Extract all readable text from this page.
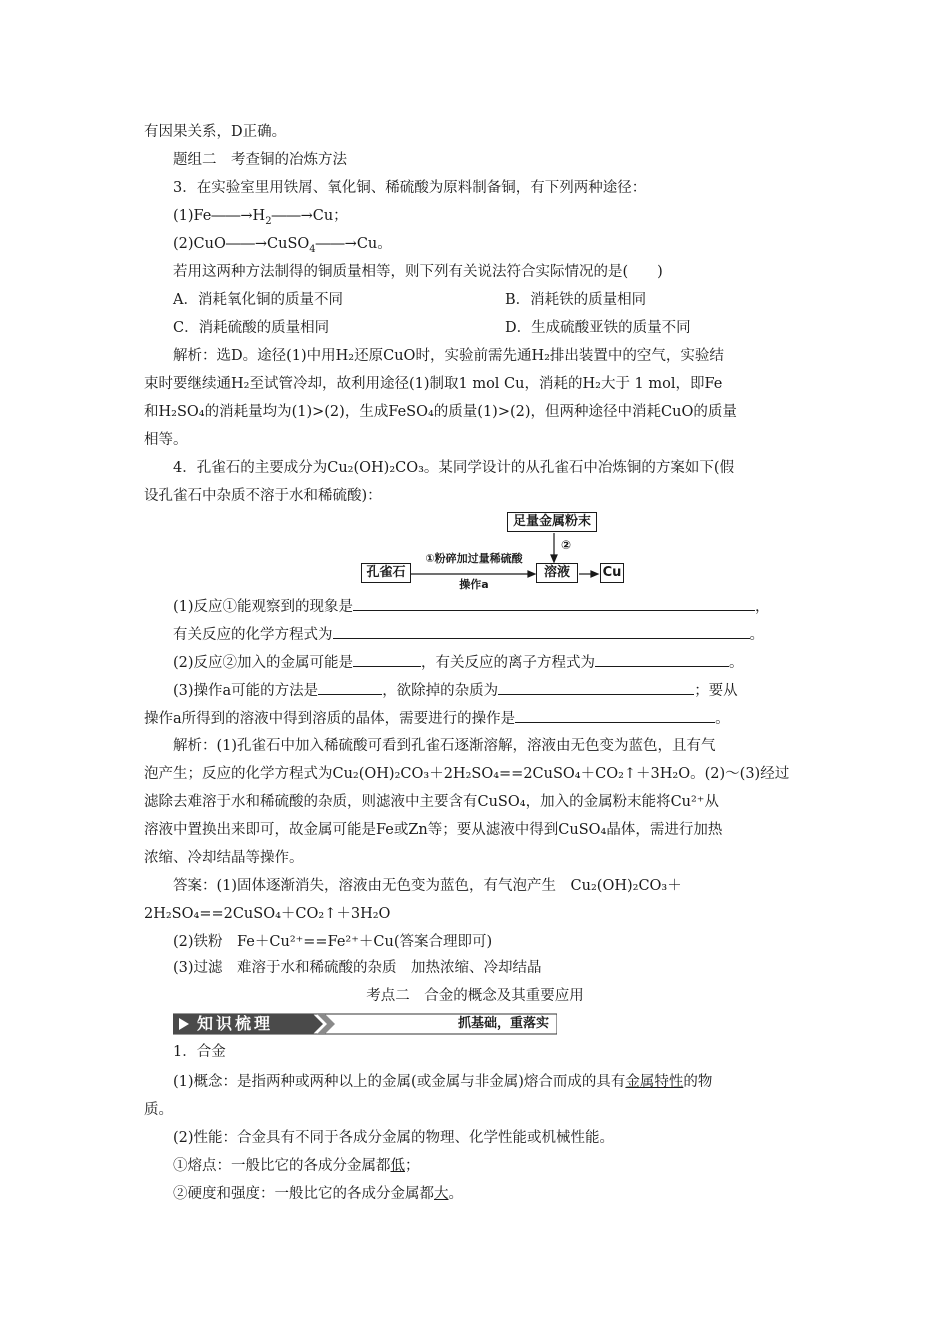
有因果关系，D正确。
题组二　考查铜的冶炼方法
3．在实验室里用铁屑、氧化铜、稀硫酸为原料制备铜，有下列两种途径：
$(1)Fe――\to H_2――\to Cu$；
(2)CuO――→CuSO$_4$――→Cu。
若用这两种方法制得的铜质量相等，则下列有关说法符合实际情况的是(　　)
A．消耗氧化铜的质量不同	B．消耗铁的质量相同
C．消耗硫酸的质量相同	D．生成硫酸亚铁的质量不同
解析：选D。途径(1)中用H₂还原CuO时，实验前需先通H₂排出装置中的空气，实验结
束时要继续通H₂至试管冷却，故利用途径(1)制取1 mol Cu，消耗的H₂大于 1 mol，即Fe
和H₂SO₄的消耗量均为(1)>(2)，生成FeSO₄的质量(1)>(2)，但两种途径中消耗CuO的质量
相等。
4．孔雀石的主要成分为Cu₂(OH)₂CO₃。某同学设计的从孔雀石中冶炼铜的方案如下(假
设孔雀石中杂质不溶于水和稀硫酸)：
足量金属粉末
孔雀石	溶液	Cu
①粉碎加过量稀硫酸
操作a
②
(1)反应①能观察到的现象是	，
有关反应的化学方程式为	。
(2)反应②加入的金属可能是	，有关反应的离子方程式为	。
(3)操作a可能的方法是	，欲除掉的杂质为	；要从
操作a所得到的溶液中得到溶质的晶体，需要进行的操作是	。
解析：(1)孔雀石中加入稀硫酸可看到孔雀石逐渐溶解，溶液由无色变为蓝色，且有气
泡产生；反应的化学方程式为Cu₂(OH)₂CO₃＋2H₂SO₄==2CuSO₄＋CO₂↑＋3H₂O。(2)～(3)经过
滤除去难溶于水和稀硫酸的杂质，则滤液中主要含有CuSO₄，加入的金属粉末能将Cu²⁺从
溶液中置换出来即可，故金属可能是Fe或Zn等；要从滤液中得到CuSO₄晶体，需进行加热
浓缩、冷却结晶等操作。
答案：(1)固体逐渐消失，溶液由无色变为蓝色，有气泡产生　Cu₂(OH)₂CO₃＋
2H₂SO₄==2CuSO₄＋CO₂↑＋3H₂O
(2)铁粉　Fe＋Cu²⁺==Fe²⁺＋Cu(答案合理即可)
(3)过滤　难溶于水和稀硫酸的杂质　加热浓缩、冷却结晶
考点二　合金的概念及其重要应用
知识梳理	抓基础，重落实
1．合金
(1)概念：是指两种或两种以上的金属(或金属与非金属)熔合而成的具有金属特性的物
质。
(2)性能：合金具有不同于各成分金属的物理、化学性能或机械性能。
①熔点：一般比它的各成分金属都低；
②硬度和强度：一般比它的各成分金属都大。
